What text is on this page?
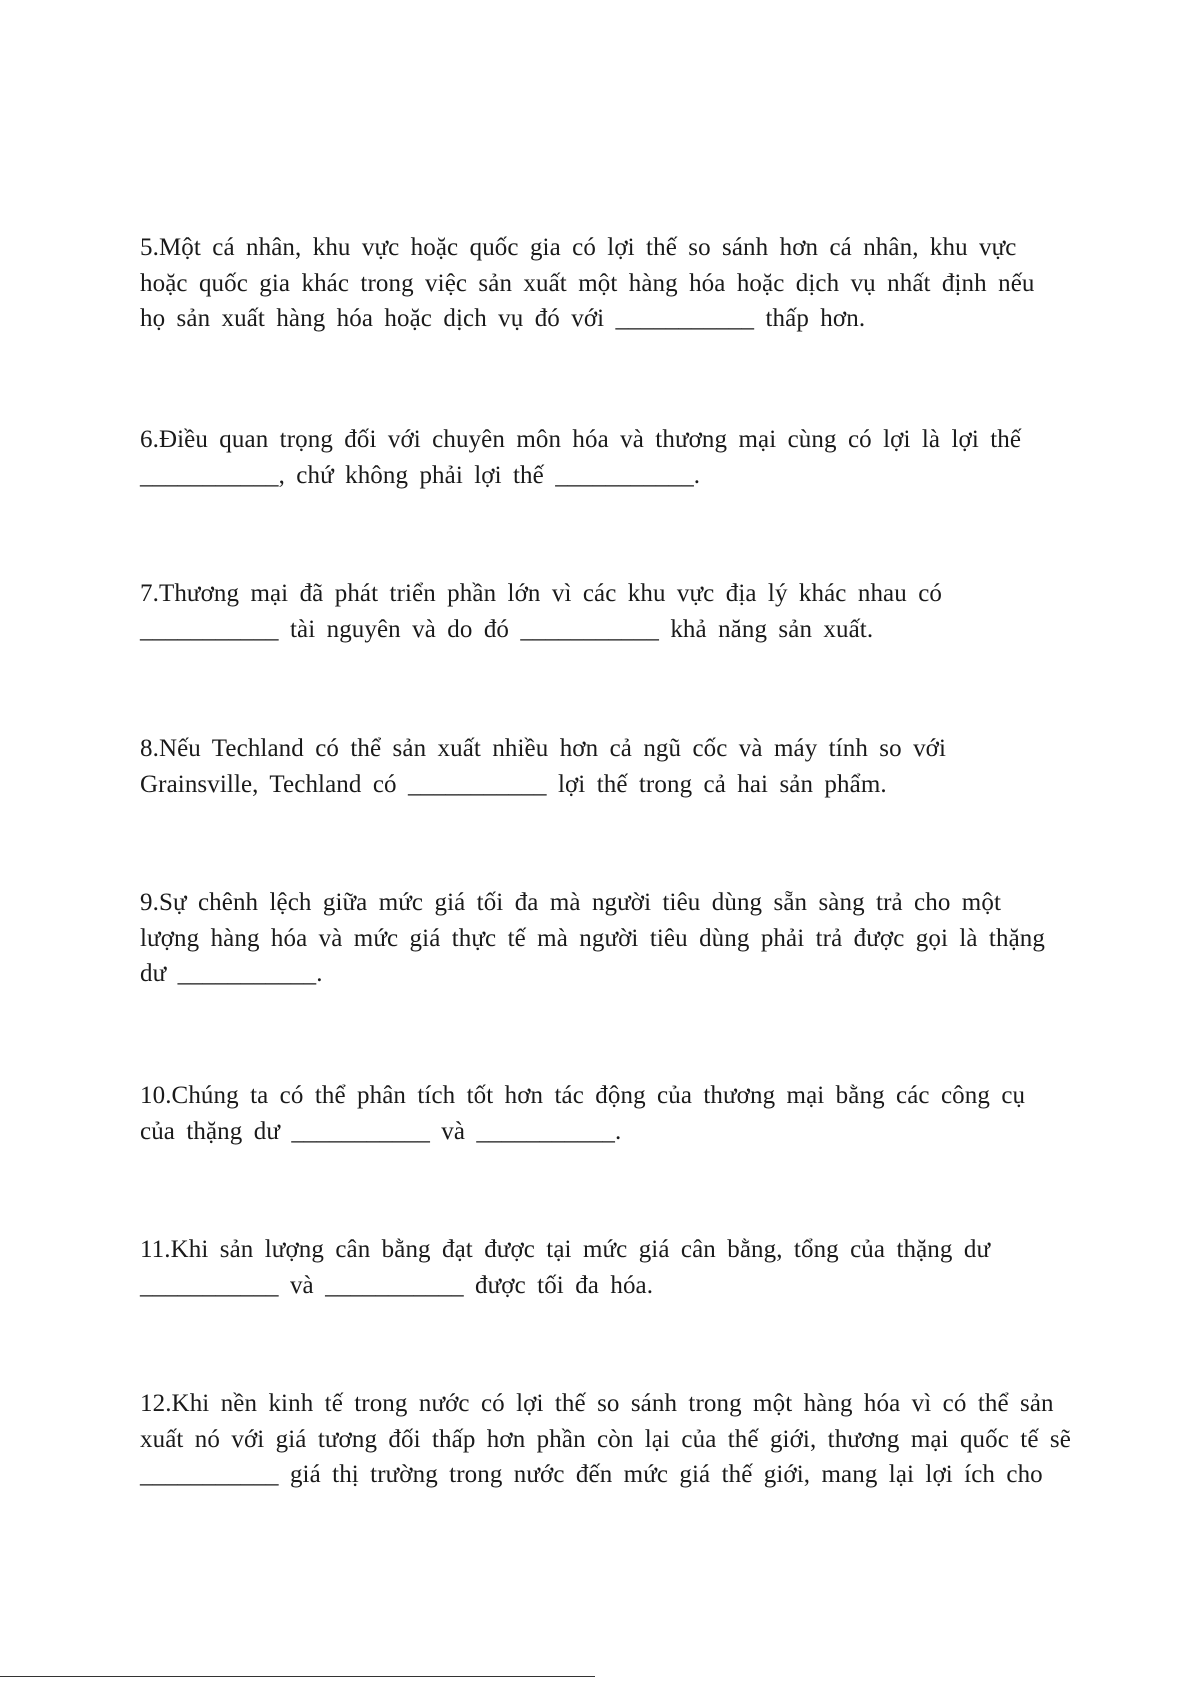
5.Một cá nhân, khu vực hoặc quốc gia có lợi thế so sánh hơn cá nhân, khu vực
hoặc quốc gia khác trong việc sản xuất một hàng hóa hoặc dịch vụ nhất định nếu
họ sản xuất hàng hóa hoặc dịch vụ đó với ___________ thấp hơn.

6.Điều quan trọng đối với chuyên môn hóa và thương mại cùng có lợi là lợi thế
___________, chứ không phải lợi thế ___________.

7.Thương mại đã phát triển phần lớn vì các khu vực địa lý khác nhau có
___________ tài nguyên và do đó ___________ khả năng sản xuất.

8.Nếu Techland có thể sản xuất nhiều hơn cả ngũ cốc và máy tính so với
Grainsville, Techland có ___________ lợi thế trong cả hai sản phẩm.

9.Sự chênh lệch giữa mức giá tối đa mà người tiêu dùng sẵn sàng trả cho một
lượng hàng hóa và mức giá thực tế mà người tiêu dùng phải trả được gọi là thặng
dư ___________.

10.Chúng ta có thể phân tích tốt hơn tác động của thương mại bằng các công cụ
của thặng dư ___________ và ___________.

11.Khi sản lượng cân bằng đạt được tại mức giá cân bằng, tổng của thặng dư
___________ và ___________ được tối đa hóa.

12.Khi nền kinh tế trong nước có lợi thế so sánh trong một hàng hóa vì có thể sản
xuất nó với giá tương đối thấp hơn phần còn lại của thế giới, thương mại quốc tế sẽ
___________ giá thị trường trong nước đến mức giá thế giới, mang lại lợi ích cho
